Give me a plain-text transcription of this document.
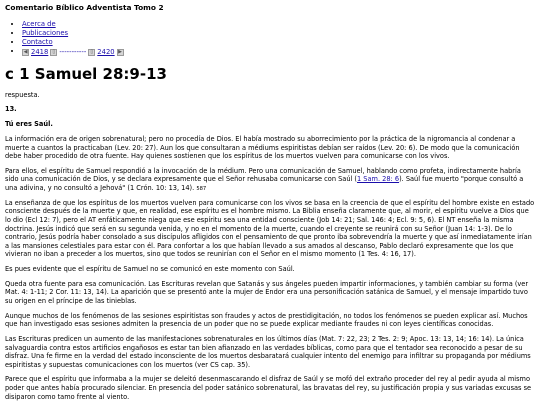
Comentario Bíblico Adventista Tomo 2
• Acerca de
• Publicaciones
• Contacto
• ◀ 2418 ▯ ----------- ▯ 2420 ▶
c 1 Samuel 28:9-13

respuesta.

13.

Tú eres Saúl.

La información era de origen sobrenatural; pero no procedía de Dios. El había mostrado su aborrecimiento por la práctica de la nigromancia al condenar a muerte a cuantos la practicaban (Lev. 20: 27). Aun los que consultaran a médiums espiritistas debían ser raídos (Lev. 20: 6). De modo que la comunicación debe haber procedido de otra fuente. Hay quienes sostienen que los espíritus de los muertos vuelven para comunicarse con los vivos.

Para ellos, el espíritu de Samuel respondió a la invocación de la médium. Pero una comunicación de Samuel, hablando como profeta, indirectamente habría sido una comunicación de Dios, y se declara expresamente que el Señor rehusaba comunicarse con Saúl (1 Sam. 28: 6). Saúl fue muerto "porque consultó a una adivina, y no consultó a Jehová" (1 Crón. 10: 13, 14). 587

La enseñanza de que los espíritus de los muertos vuelven para comunicarse con los vivos se basa en la creencia de que el espíritu del hombre existe en estado consciente después de la muerte y que, en realidad, ese espíritu es el hombre mismo. La Biblia enseña claramente que, al morir, el espíritu vuelve a Dios que lo dio (Ecl 12: 7), pero el AT enfáticamente niega que ese espíritu sea una entidad consciente (Job 14: 21; Sal. 146: 4; Ecl. 9: 5, 6). El NT enseña la misma doctrina. Jesús indicó que será en su segunda venida, y no en el momento de la muerte, cuando el creyente se reunirá con su Señor (Juan 14: 1-3). De lo contrario, Jesús podría haber consolado a sus discípulos afligidos con el pensamiento de que pronto iba sobrevendría la muerte y que así inmediatamente irían a las mansiones celestiales para estar con él. Para confortar a los que habían llevado a sus amados al descanso, Pablo declaró expresamente que los que vivieran no iban a preceder a los muertos, sino que todos se reunirían con el Señor en el mismo momento (1 Tes. 4: 16, 17).

Es pues evidente que el espíritu de Samuel no se comunicó en este momento con Saúl.

Queda otra fuente para esa comunicación. Las Escrituras revelan que Satanás y sus ángeles pueden impartir informaciones, y también cambiar su forma (ver Mat. 4: 1-11; 2 Cor. 11: 13, 14). La aparición que se presentó ante la mujer de Endor era una personificación satánica de Samuel, y el mensaje impartido tuvo su origen en el príncipe de las tinieblas.

Aunque muchos de los fenómenos de las sesiones espiritistas son fraudes y actos de prestidigitación, no todos los fenómenos se pueden explicar así. Muchos que han investigado esas sesiones admiten la presencia de un poder que no se puede explicar mediante fraudes ni con leyes científicas conocidas.

Las Escrituras predicen un aumento de las manifestaciones sobrenaturales en los últimos días (Mat. 7: 22, 23; 2 Tes. 2: 9; Apoc. 13: 13, 14; 16: 14). La única salvaguardia contra estos artificios engañosos es estar tan bien afianzado en las verdades bíblicas, como para que el tentador sea reconocido a pesar de su disfraz. Una fe firme en la verdad del estado inconsciente de los muertos desbaratará cualquier intento del enemigo para infiltrar su propaganda por médiums espiritistas y supuestas comunicaciones con los muertos (ver CS cap. 35).

Parece que el espíritu que informaba a la mujer se deleitó desenmascarando el disfraz de Saúl y se mofó del extraño proceder del rey al pedir ayuda al mismo poder que antes había procurado silenciar. En presencia del poder satánico sobrenatural, las bravatas del rey, su justificación propia y sus variadas excusas se disiparon como tamo frente al viento.
